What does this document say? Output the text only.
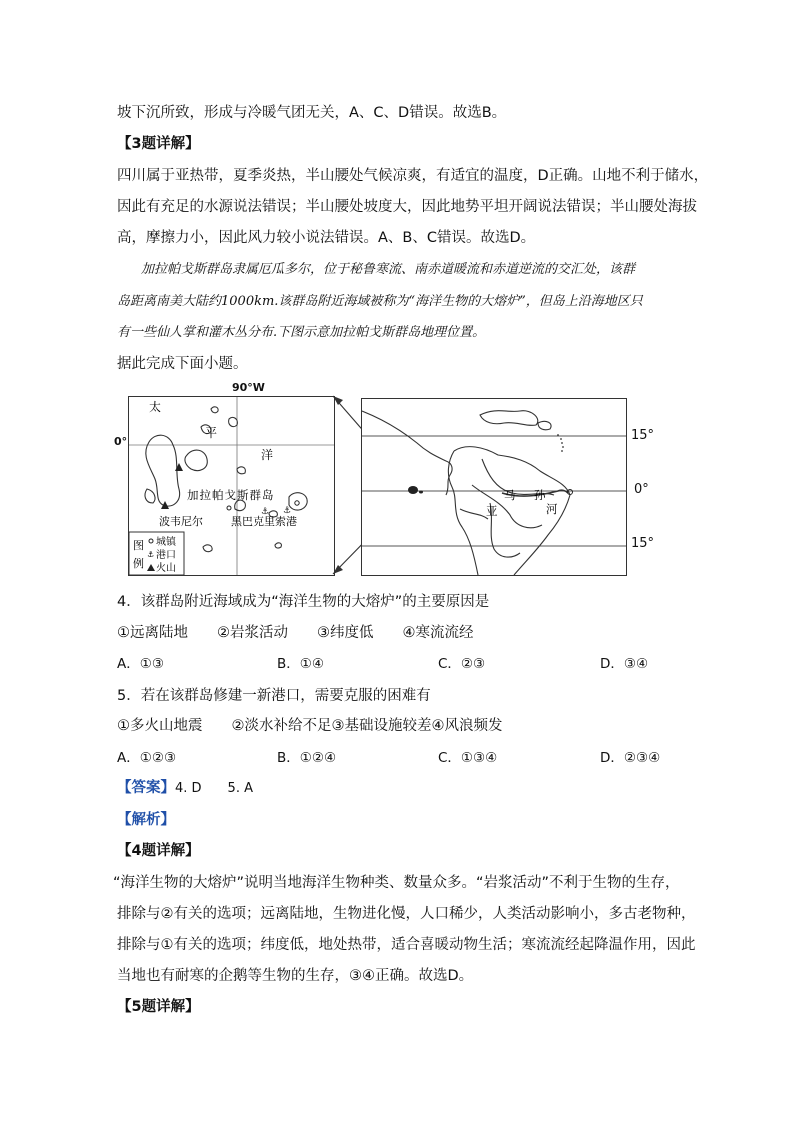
坡下沉所致，形成与冷暖气团无关，A、C、D错误。故选B。
【3题详解】
四川属于亚热带，夏季炎热，半山腰处气候凉爽，有适宜的温度，D正确。山地不利于储水，
因此有充足的水源说法错误；半山腰处坡度大，因此地势平坦开阔说法错误；半山腰处海拔
高，摩擦力小，因此风力较小说法错误。A、B、C错误。故选D。
加拉帕戈斯群岛隶属厄瓜多尔，位于秘鲁寒流、南赤道暖流和赤道逆流的交汇处，该群
岛距离南美大陆约1000km.该群岛附近海域被称为“海洋生物的大熔炉”，但岛上沿海地区只
有一些仙人掌和灌木丛分布.下图示意加拉帕戈斯群岛地理位置。
据此完成下面小题。
⚓
⚓
太
平
洋
加拉帕戈斯群岛
波韦尼尔	黑巴克里索港
图
例
⚓
城镇
港口
火山
90°W
0°
亚
马 孙
河
15°
0°
15°
4．该群岛附近海域成为“海洋生物的大熔炉”的主要原因是
①远离陆地　　②岩浆活动　　③纬度低　　④寒流流经
A．①③	B．①④	C．②③	D．③④
5．若在该群岛修建一新港口，需要克服的困难有
①多火山地震　　②淡水补给不足③基础设施较差④风浪频发
A．①②③	B．①②④	C．①③④	D．②③④
【答案】4. D　　5. A
【解析】
【4题详解】
“海洋生物的大熔炉”说明当地海洋生物种类、数量众多。“岩浆活动”不利于生物的生存，
排除与②有关的选项；远离陆地，生物进化慢，人口稀少，人类活动影响小，多古老物种，
排除与①有关的选项；纬度低，地处热带，适合喜暖动物生活；寒流流经起降温作用，因此
当地也有耐寒的企鹅等生物的生存，③④正确。故选D。
【5题详解】
